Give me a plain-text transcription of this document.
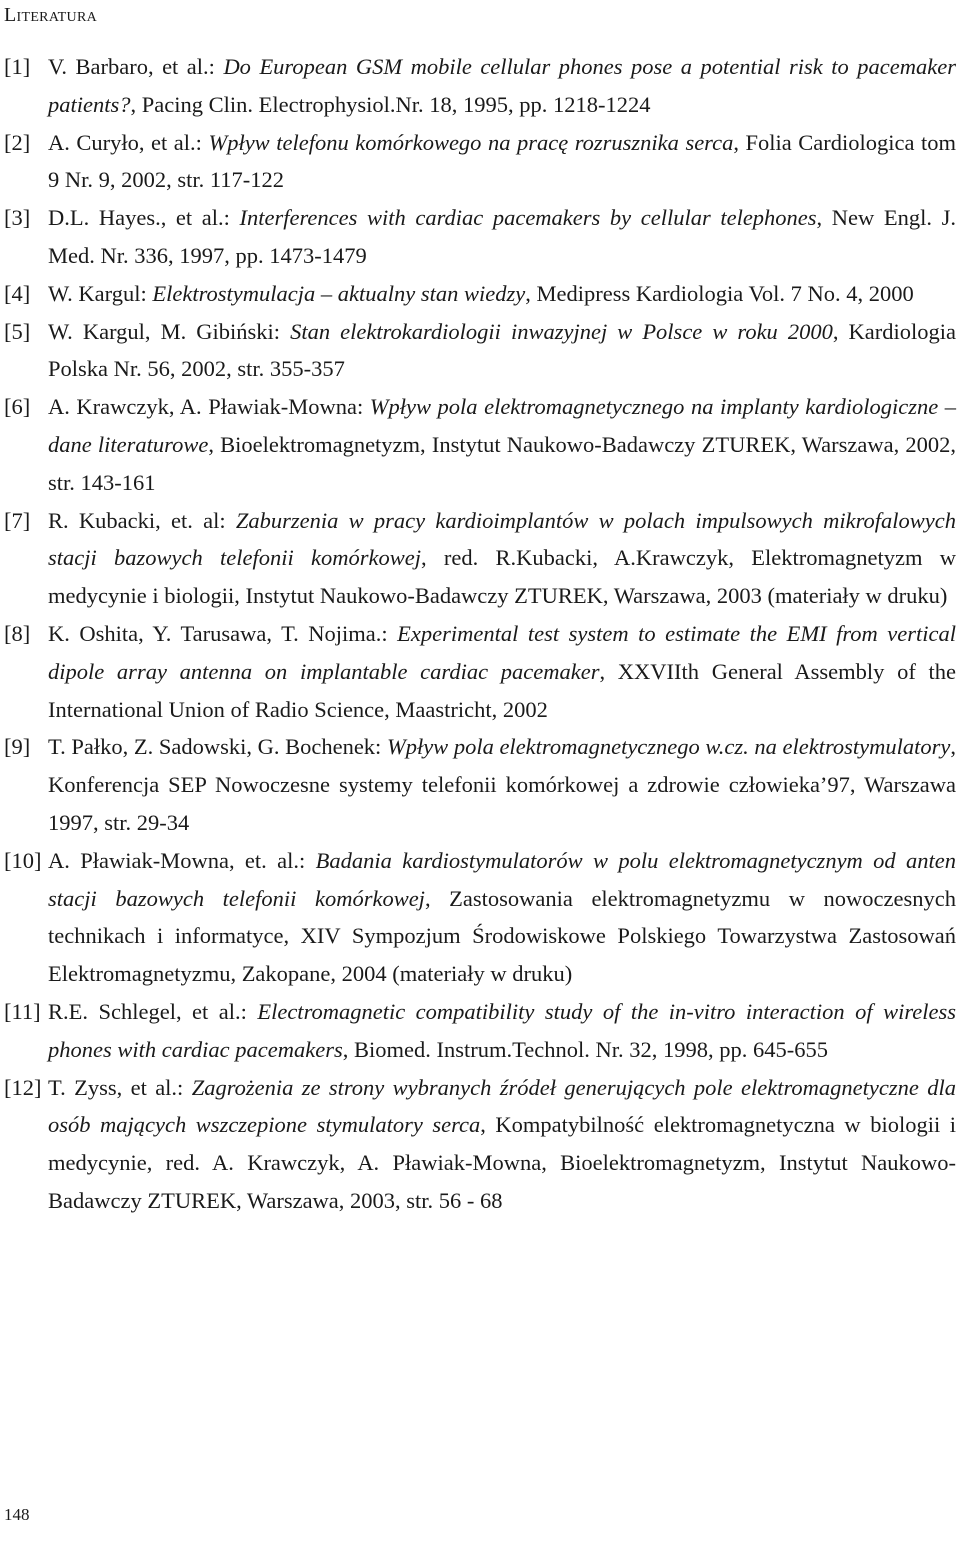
Literatura
[1] V. Barbaro, et al.: Do European GSM mobile cellular phones pose a potential risk to pacemaker patients?, Pacing Clin. Electrophysiol.Nr. 18, 1995, pp. 1218-1224
[2] A. Curyło, et al.: Wpływ telefonu komórkowego na pracę rozrusznika serca, Folia Cardiologica tom 9 Nr. 9, 2002, str. 117-122
[3] D.L. Hayes., et al.: Interferences with cardiac pacemakers by cellular telephones, New Engl. J. Med. Nr. 336, 1997, pp. 1473-1479
[4] W. Kargul: Elektrostymulacja – aktualny stan wiedzy, Medipress Kardiologia Vol. 7 No. 4, 2000
[5] W. Kargul, M. Gibiński: Stan elektrokardiologii inwazyjnej w Polsce w roku 2000, Kardiologia Polska Nr. 56, 2002, str. 355-357
[6] A. Krawczyk, A. Pławiak-Mowna: Wpływ pola elektromagnetycznego na implanty kardiologiczne – dane literaturowe, Bioelektromagnetyzm, Instytut Naukowo-Badawczy ZTUREK, Warszawa, 2002, str. 143-161
[7] R. Kubacki, et. al: Zaburzenia w pracy kardioimplantów w polach impulsowych mikrofalowych stacji bazowych telefonii komórkowej, red. R.Kubacki, A.Krawczyk, Elektromagnetyzm w medycynie i biologii, Instytut Naukowo-Badawczy ZTUREK, Warszawa, 2003 (materiały w druku)
[8] K. Oshita, Y. Tarusawa, T. Nojima.: Experimental test system to estimate the EMI from vertical dipole array antenna on implantable cardiac pacemaker, XXVIIth General Assembly of the International Union of Radio Science, Maastricht, 2002
[9] T. Pałko, Z. Sadowski, G. Bochenek: Wpływ pola elektromagnetycznego w.cz. na elektrostymulatory, Konferencja SEP Nowoczesne systemy telefonii komórkowej a zdrowie człowieka’97, Warszawa 1997, str. 29-34
[10] A. Pławiak-Mowna, et. al.: Badania kardiostymulatorów w polu elektromagnetycznym od anten stacji bazowych telefonii komórkowej, Zastosowania elektromagnetyzmu w nowoczesnych technikach i informatyce, XIV Sympozjum Środowiskowe Polskiego Towarzystwa Zastosowań Elektromagnetyzmu, Zakopane, 2004 (materiały w druku)
[11] R.E. Schlegel, et al.: Electromagnetic compatibility study of the in-vitro interaction of wireless phones with cardiac pacemakers, Biomed. Instrum.Technol. Nr. 32, 1998, pp. 645-655
[12] T. Zyss, et al.: Zagrożenia ze strony wybranych źródeł generujących pole elektromagnetyczne dla osób mających wszczepione stymulatory serca, Kompatybilność elektromagnetyczna w biologii i medycynie, red. A. Krawczyk, A. Pławiak-Mowna, Bioelektromagnetyzm, Instytut Naukowo-Badawczy ZTUREK, Warszawa, 2003, str. 56 - 68
148
